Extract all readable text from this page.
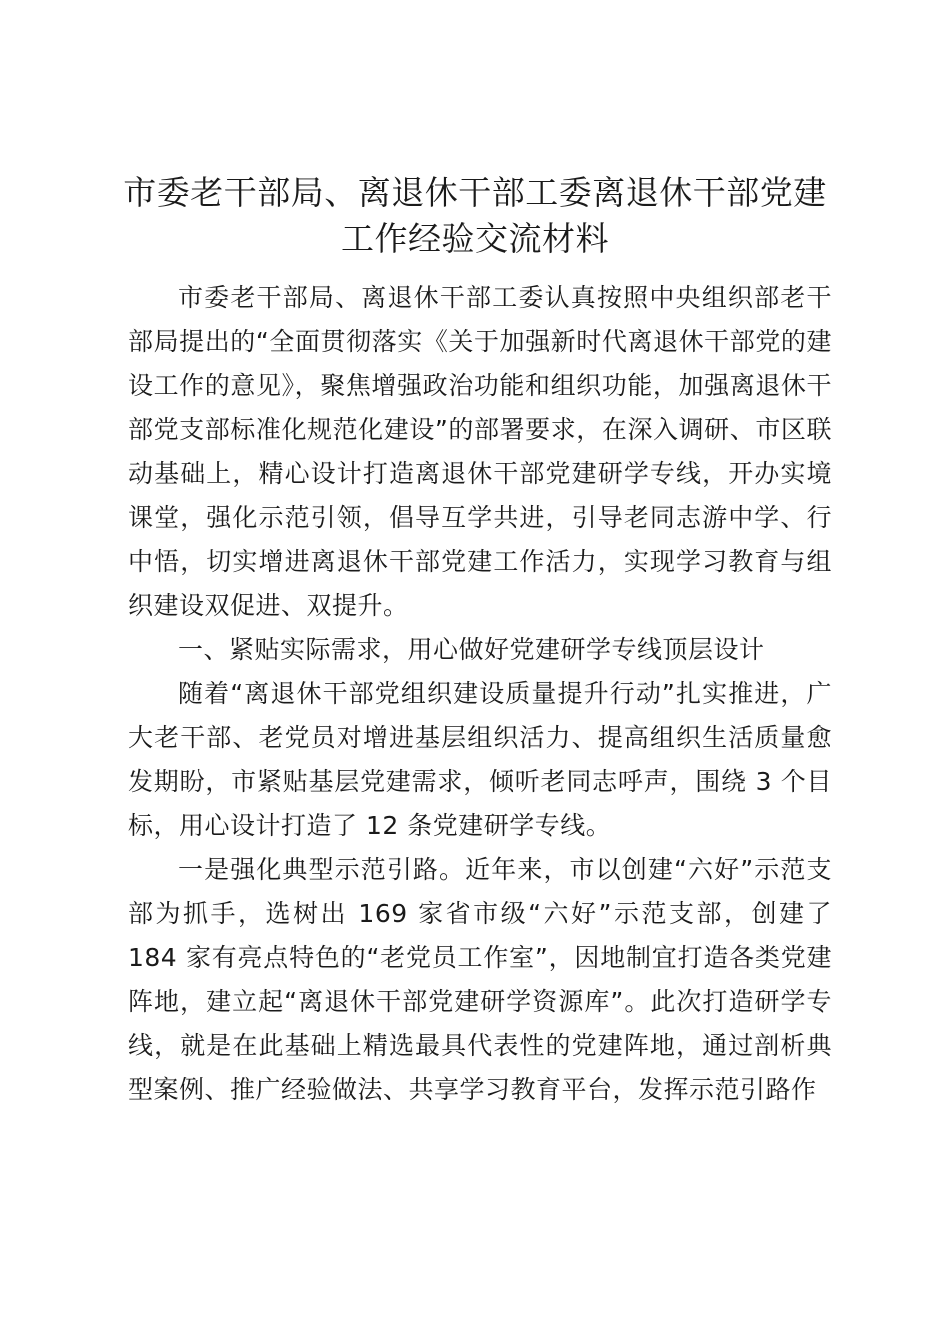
市委老干部局、离退休干部工委离退休干部党建工作经验交流材料

市委老干部局、离退休干部工委认真按照中央组织部老干部局提出的“全面贯彻落实《关于加强新时代离退休干部党的建设工作的意见》，聚焦增强政治功能和组织功能，加强离退休干部党支部标准化规范化建设”的部署要求，在深入调研、市区联动基础上，精心设计打造离退休干部党建研学专线，开办实境课堂，强化示范引领，倡导互学共进，引导老同志游中学、行中悟，切实增进离退休干部党建工作活力，实现学习教育与组织建设双促进、双提升。

一、紧贴实际需求，用心做好党建研学专线顶层设计

随着“离退休干部党组织建设质量提升行动”扎实推进，广大老干部、老党员对增进基层组织活力、提高组织生活质量愈发期盼，市紧贴基层党建需求，倾听老同志呼声，围绕 3 个目标，用心设计打造了 12 条党建研学专线。

一是强化典型示范引路。近年来，市以创建“六好”示范支部为抓手，选树出 169 家省市级“六好”示范支部，创建了 184 家有亮点特色的“老党员工作室”，因地制宜打造各类党建阵地，建立起“离退休干部党建研学资源库”。此次打造研学专线，就是在此基础上精选最具代表性的党建阵地，通过剖析典型案例、推广经验做法、共享学习教育平台，发挥示范引路作
